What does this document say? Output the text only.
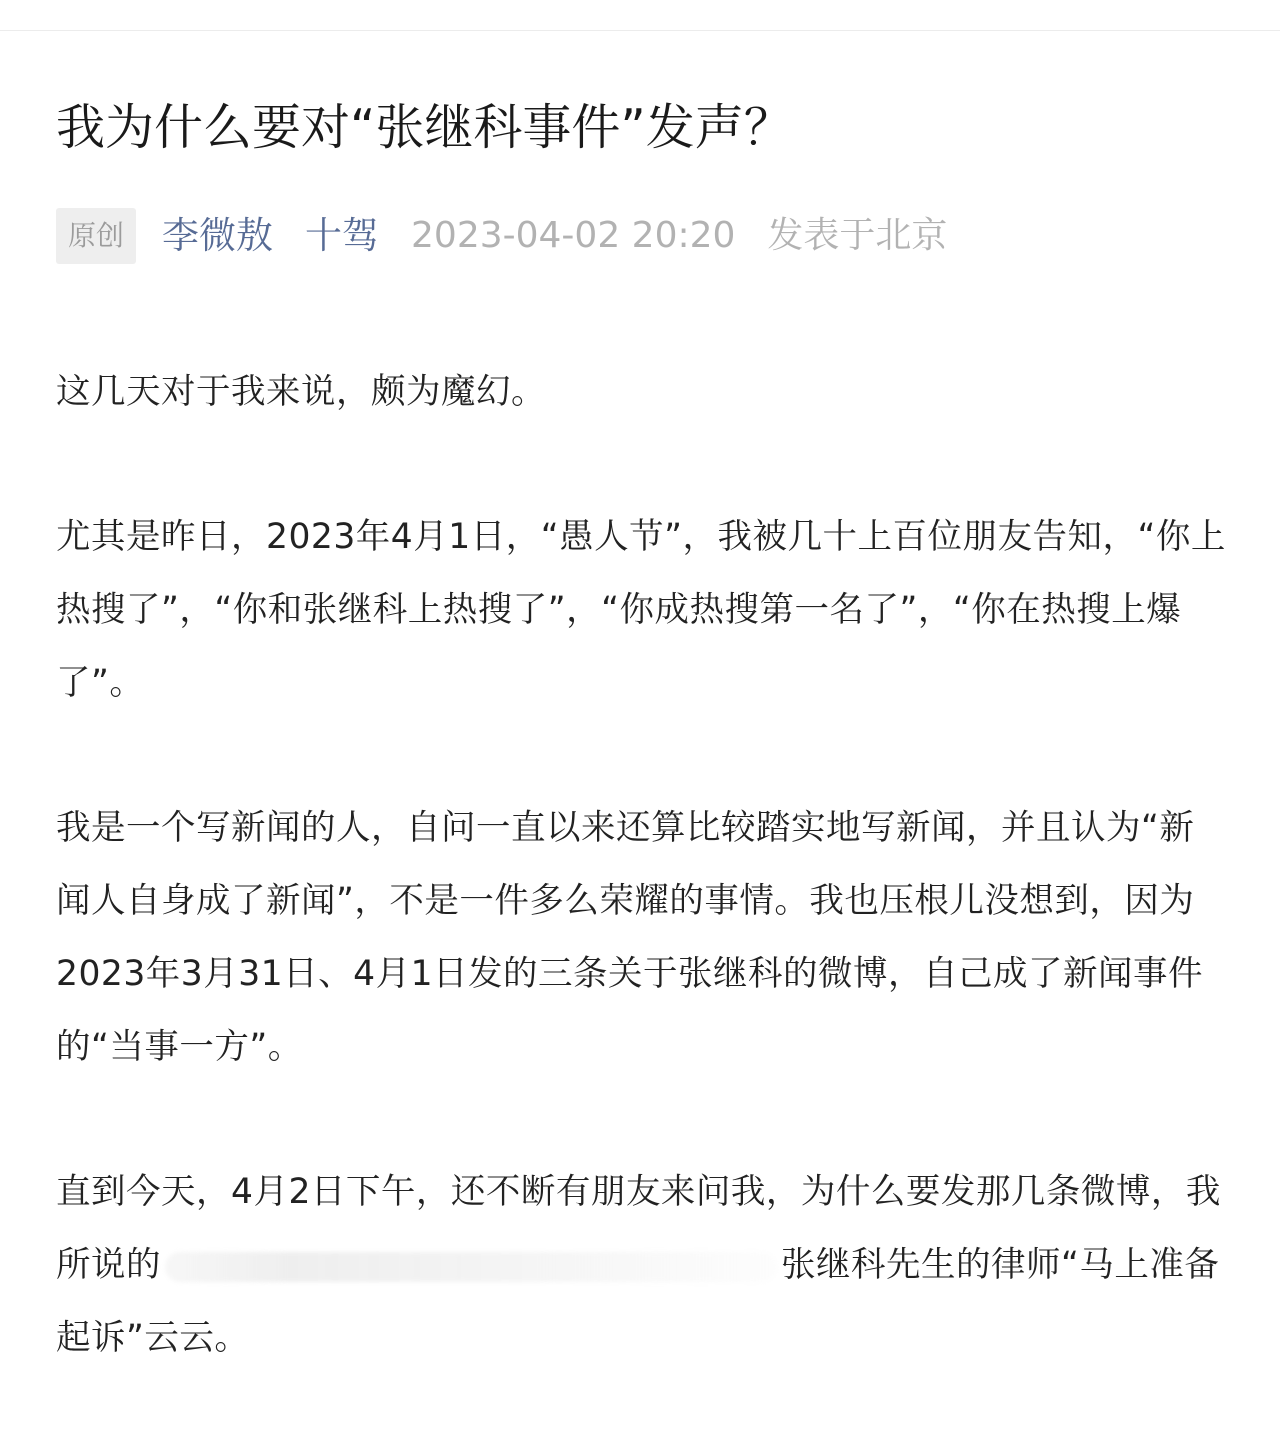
我为什么要对“张继科事件”发声？
原创	李微敖 十驾 2023-04-02 20:20 发表于北京

这几天对于我来说，颇为魔幻。

尤其是昨日，2023年4月1日，“愚人节”，我被几十上百位朋友告知，“你上热搜了”，“你和张继科上热搜了”，“你成热搜第一名了”，“你在热搜上爆了”。

我是一个写新闻的人，自问一直以来还算比较踏实地写新闻，并且认为“新闻人自身成了新闻”，不是一件多么荣耀的事情。我也压根儿没想到，因为2023年3月31日、4月1日发的三条关于张继科的微博，自己成了新闻事件的“当事一方”。

直到今天，4月2日下午，还不断有朋友来问我，为什么要发那几条微博，我所说的	张继科先生的律师“马上准备起诉”云云。
